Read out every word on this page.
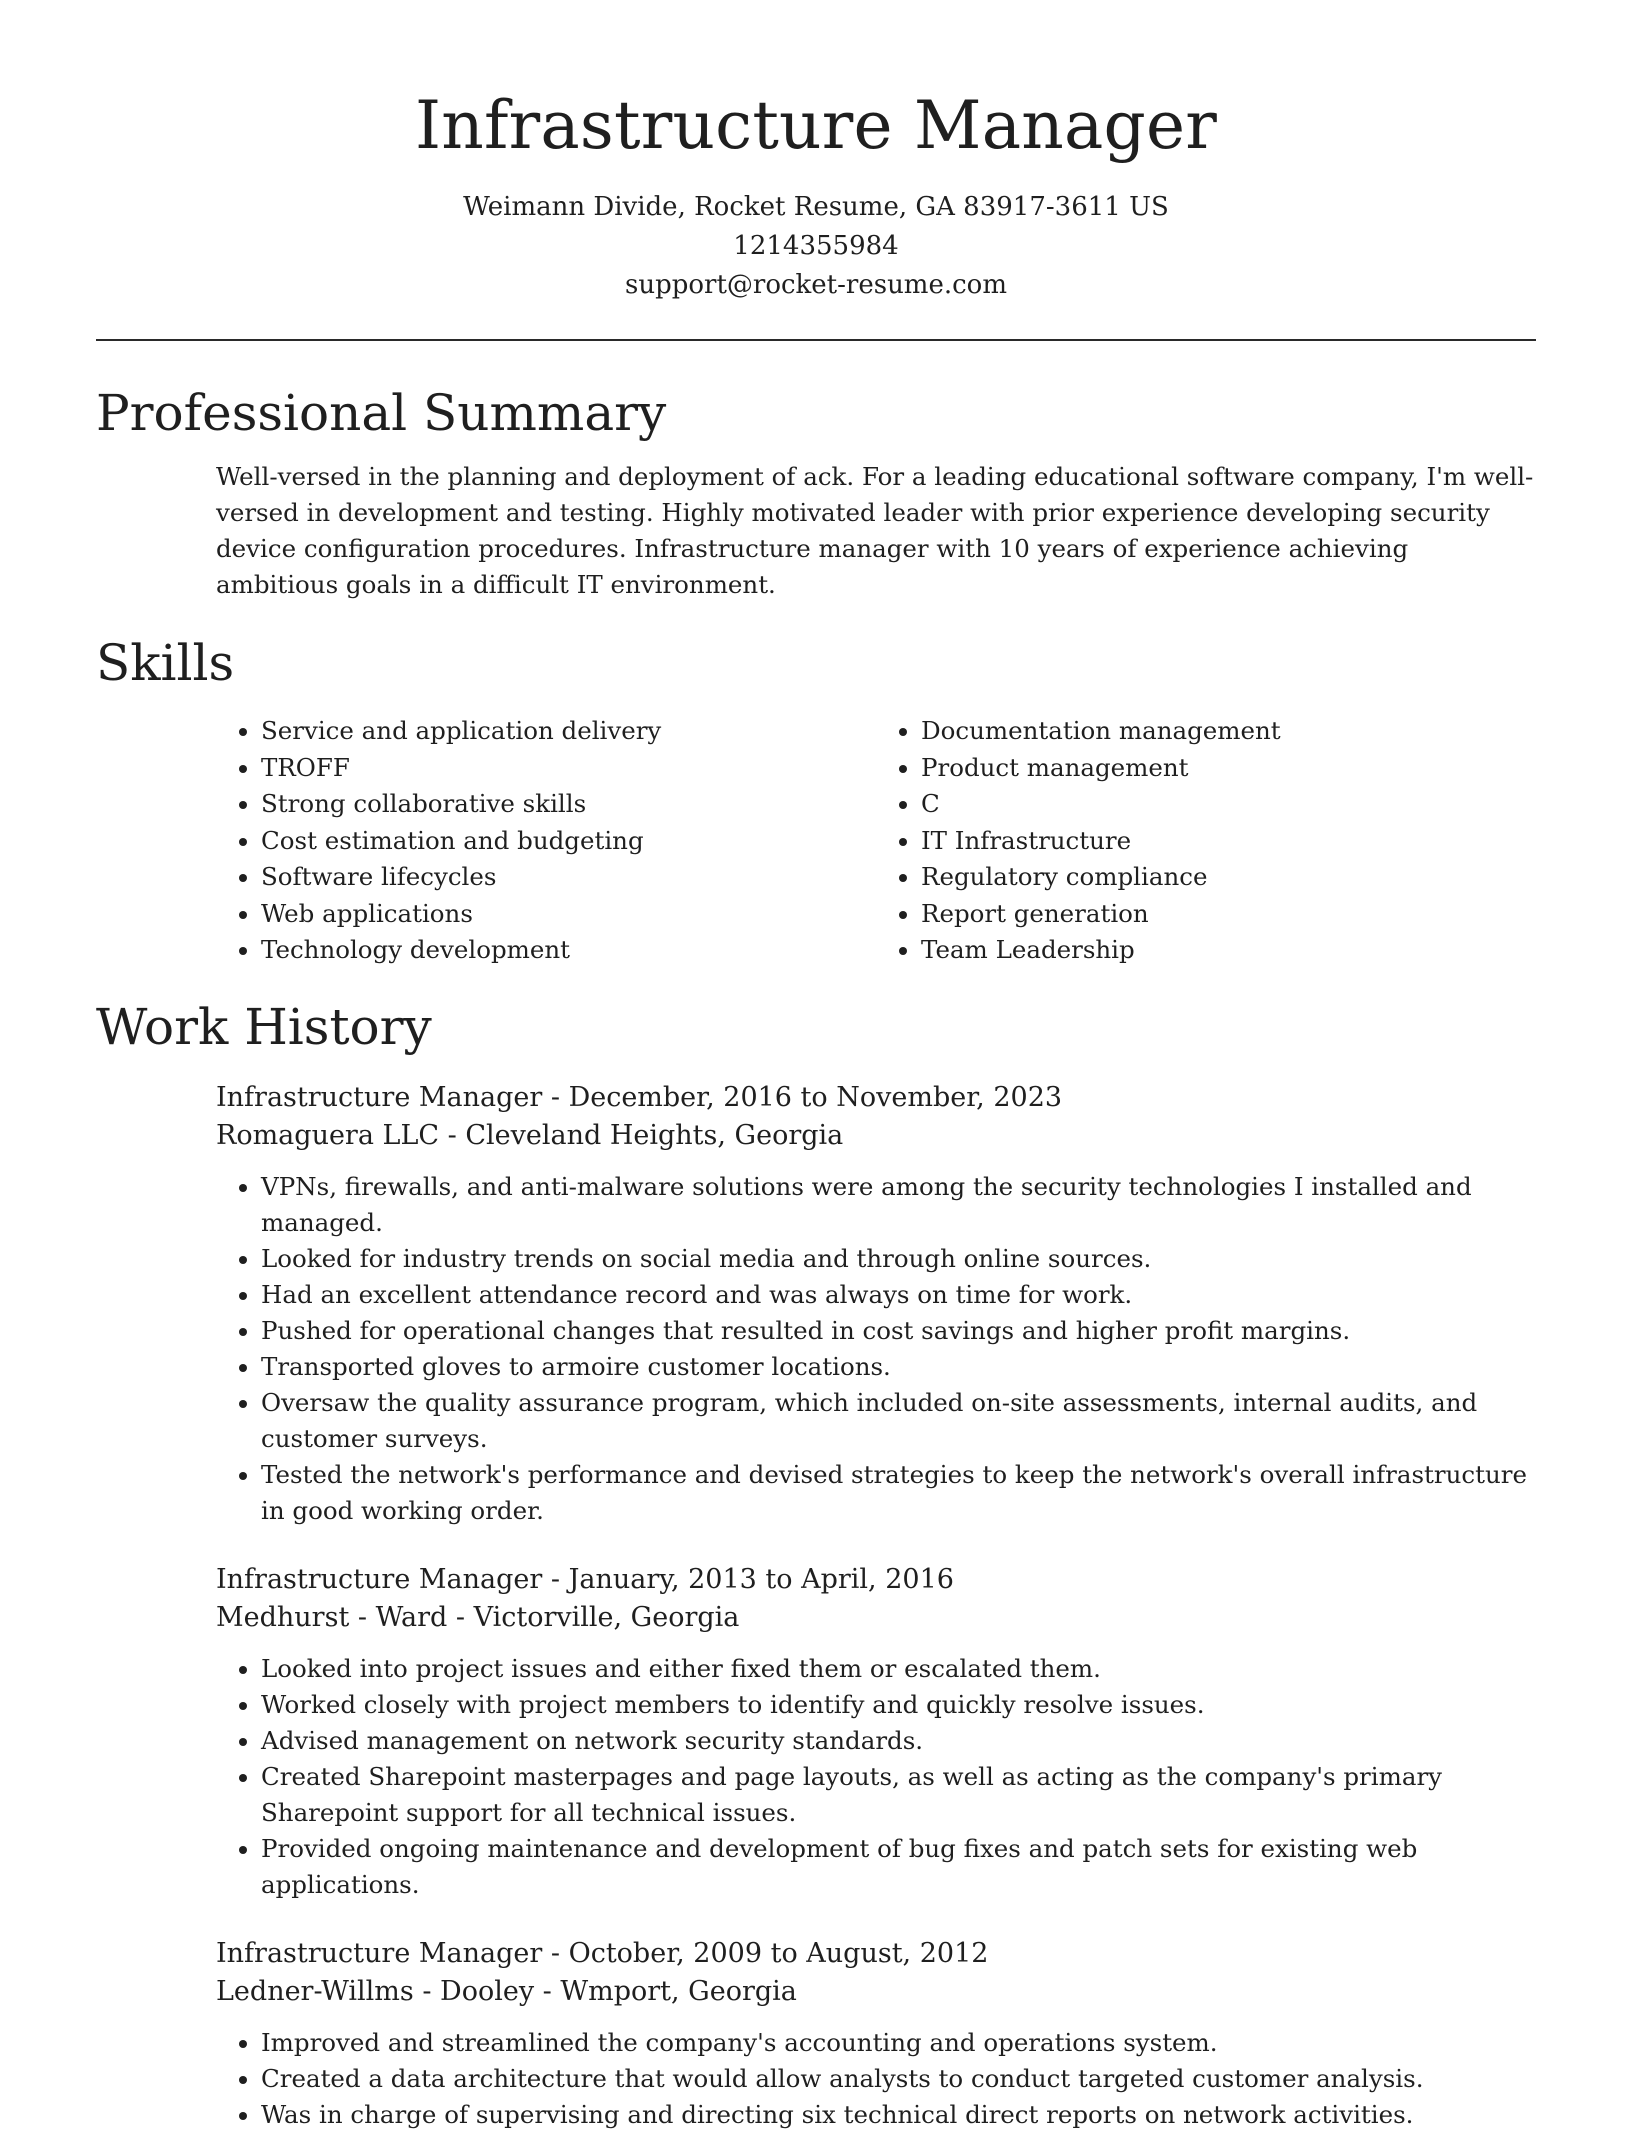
Infrastructure Manager
Weimann Divide, Rocket Resume, GA 83917-3611 US
1214355984
support@rocket-resume.com
Professional Summary

Well-versed in the planning and deployment of ack. For a leading educational software company, I'm well-versed in development and testing. Highly motivated leader with prior experience developing security device configuration procedures. Infrastructure manager with 10 years of experience achieving ambitious goals in a difficult IT environment.

Skills
• Service and application delivery
• TROFF
• Strong collaborative skills
• Cost estimation and budgeting
• Software lifecycles
• Web applications
• Technology development
• Documentation management
• Product management
• C
• IT Infrastructure
• Regulatory compliance
• Report generation
• Team Leadership
Work History
Infrastructure Manager - December, 2016 to November, 2023
Romaguera LLC - Cleveland Heights, Georgia
• VPNs, firewalls, and anti-malware solutions were among the security technologies I installed and managed.
• Looked for industry trends on social media and through online sources.
• Had an excellent attendance record and was always on time for work.
• Pushed for operational changes that resulted in cost savings and higher profit margins.
• Transported gloves to armoire customer locations.
• Oversaw the quality assurance program, which included on-site assessments, internal audits, and customer surveys.
• Tested the network's performance and devised strategies to keep the network's overall infrastructure in good working order.
Infrastructure Manager - January, 2013 to April, 2016
Medhurst - Ward - Victorville, Georgia
• Looked into project issues and either fixed them or escalated them.
• Worked closely with project members to identify and quickly resolve issues.
• Advised management on network security standards.
• Created Sharepoint masterpages and page layouts, as well as acting as the company's primary Sharepoint support for all technical issues.
• Provided ongoing maintenance and development of bug fixes and patch sets for existing web applications.
Infrastructure Manager - October, 2009 to August, 2012
Ledner-Willms - Dooley - Wmport, Georgia
• Improved and streamlined the company's accounting and operations system.
• Created a data architecture that would allow analysts to conduct targeted customer analysis.
• Was in charge of supervising and directing six technical direct reports on network activities.
